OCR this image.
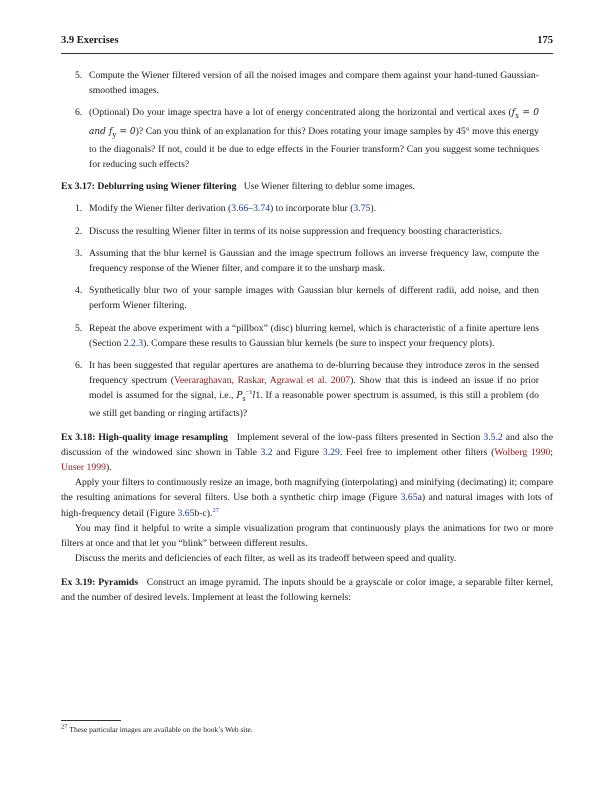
3.9 Exercises	175
5. Compute the Wiener filtered version of all the noised images and compare them against your hand-tuned Gaussian-smoothed images.
6. (Optional) Do your image spectra have a lot of energy concentrated along the horizontal and vertical axes ($f_x = 0$ and $f_y = 0$)? Can you think of an explanation for this? Does rotating your image samples by 45° move this energy to the diagonals? If not, could it be due to edge effects in the Fourier transform? Can you suggest some techniques for reducing such effects?

Ex 3.17: Deblurring using Wiener filtering Use Wiener filtering to deblur some images.

1. Modify the Wiener filter derivation (3.66–3.74) to incorporate blur (3.75).
2. Discuss the resulting Wiener filter in terms of its noise suppression and frequency boosting characteristics.
3. Assuming that the blur kernel is Gaussian and the image spectrum follows an inverse frequency law, compute the frequency response of the Wiener filter, and compare it to the unsharp mask.
4. Synthetically blur two of your sample images with Gaussian blur kernels of different radii, add noise, and then perform Wiener filtering.
5. Repeat the above experiment with a “pillbox” (disc) blurring kernel, which is characteristic of a finite aperture lens (Section 2.2.3). Compare these results to Gaussian blur kernels (be sure to inspect your frequency plots).
6. It has been suggested that regular apertures are anathema to de-blurring because they introduce zeros in the sensed frequency spectrum (Veeraraghavan, Raskar, Agrawal et al. 2007). Show that this is indeed an issue if no prior model is assumed for the signal, i.e., $P_s^{-1}l1$. If a reasonable power spectrum is assumed, is this still a problem (do we still get banding or ringing artifacts)?

Ex 3.18: High-quality image resampling Implement several of the low-pass filters presented in Section 3.5.2 and also the discussion of the windowed sinc shown in Table 3.2 and Figure 3.29. Feel free to implement other filters (Wolberg 1990; Unser 1999).

Apply your filters to continuously resize an image, both magnifying (interpolating) and minifying (decimating) it; compare the resulting animations for several filters. Use both a synthetic chirp image (Figure 3.65a) and natural images with lots of high-frequency detail (Figure 3.65b-c).$^{27}$

You may find it helpful to write a simple visualization program that continuously plays the animations for two or more filters at once and that let you “blink” between different results.

Discuss the merits and deficiencies of each filter, as well as its tradeoff between speed and quality.

Ex 3.19: Pyramids Construct an image pyramid. The inputs should be a grayscale or color image, a separable filter kernel, and the number of desired levels. Implement at least the following kernels:

$^{27}$ These particular images are available on the book’s Web site.
